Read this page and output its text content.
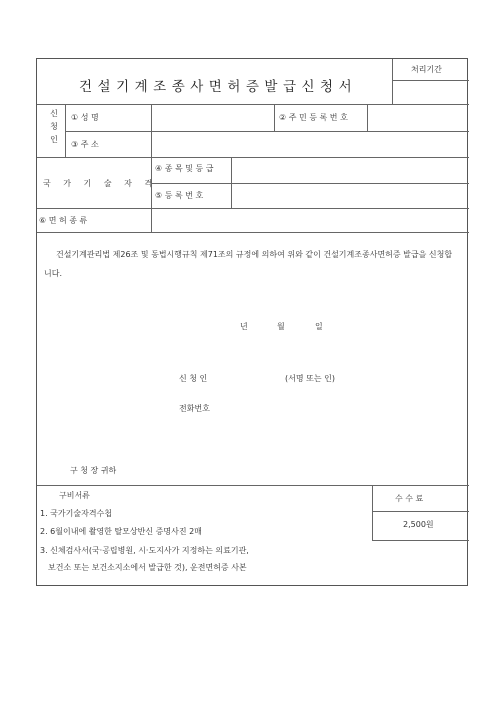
건설기계조종사면허증발급신청서
처리기간
신청인
① 성 명	② 주 민 등 록 번 호
③ 주 소
국 가 기 술 자 격
④ 종 목 및 등 급
⑤ 등 록 번 호
⑥ 면 허 종 류
건설기계관리법 제26조 및 동법시행규칙 제71조의 규정에 의하여 위와 같이 건설기계조종사면허증 발급을 신청합니다.
년	월	일
신 청 인	(서명 또는 인)
전화번호
구 청 장 귀하
구비서류
1. 국가기술자격수첩
2. 6월이내에 촬영한 탈모상반신 증명사진 2매
3. 신체검사서(국·공립병원, 시·도지사가 지정하는 의료기관,
보건소 또는 보건소지소에서 발급한 것), 운전면허증 사본
수 수 료
2,500원
